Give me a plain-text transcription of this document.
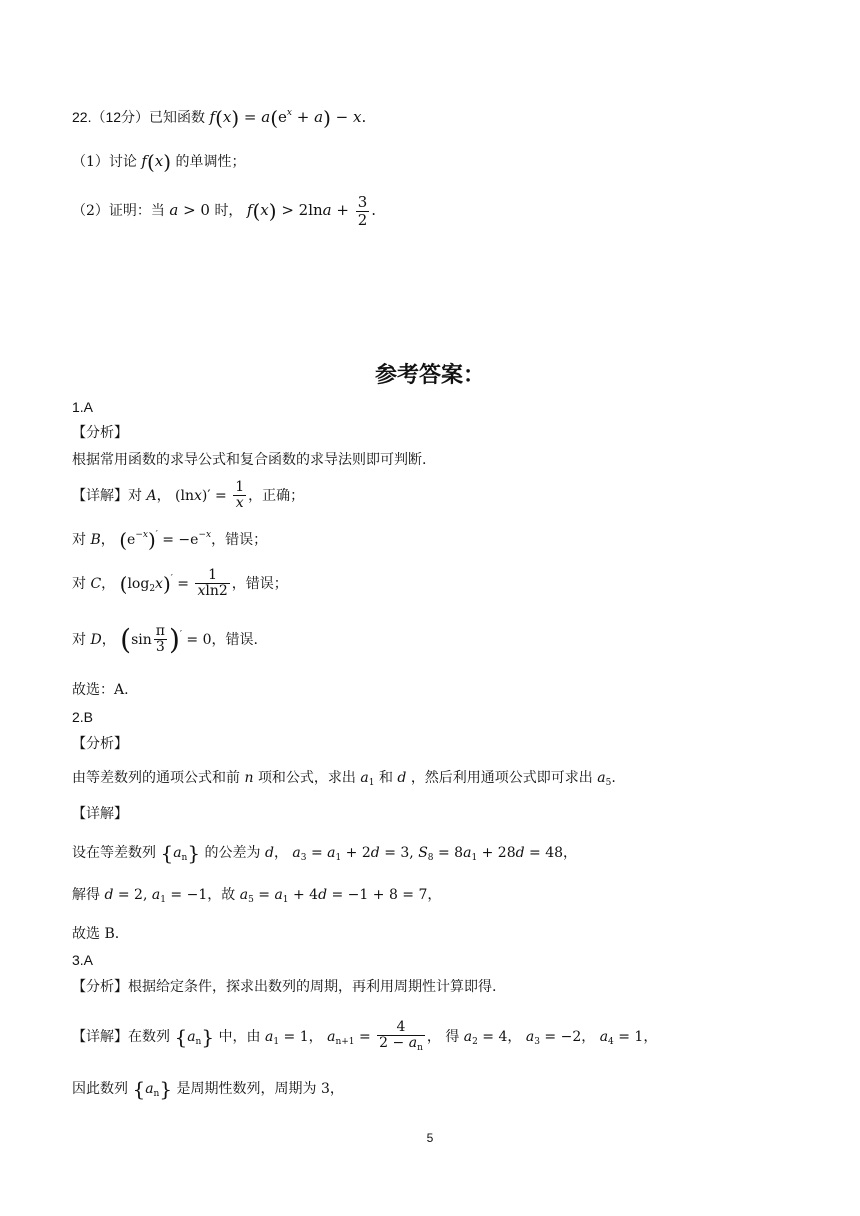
22.（12分）已知函数 $f(x) = a(e^x + a) - x$.
（1）讨论 f(x) 的单调性；
（2）证明：当 a > 0 时， $f(x) > 2\ln a + \frac{3}{2}$ .
参考答案：
1.A
【分析】
根据常用函数的求导公式和复合函数的求导法则即可判断.
【详解】对 A， $(\ln x)' = \frac{1}{x}$ ，正确；
对 B， $(e^{-x})' = -e^{-x}$，错误；
对 C， $(\log_2x)' = \frac{1}{xln2}$ ，错误；
对 D， $(\sin \frac{\pi}{3} )' = 0$，错误.
故选：A.
2.B
【分析】
由等差数列的通项公式和前 n 项和公式，求出 $a_1$ 和 d ，然后利用通项公式即可求出 $a_5$.
【详解】
设在等差数列 $\{a_n\}$ 的公差为 d， $a_3 = a_1 + 2d = 3$, $S_8 = 8a_1 + 28d = 48$，
解得 d = 2, $a_1 = -1$，故 $a_5 = a_1 + 4d = -1 + 8 = 7$，
故选 B.
3.A
【分析】根据给定条件，探求出数列的周期，再利用周期性计算即得.
【详解】在数列 $\{a_n\}$ 中，由 $a_1 = 1$， $a_{n+1} = \frac{4}{2 - a_n}$ ， 得 $a_2 = 4$， $a_3 = -2$， $a_4 = 1$，
因此数列 $\{a_n\}$ 是周期性数列，周期为 3，
5
